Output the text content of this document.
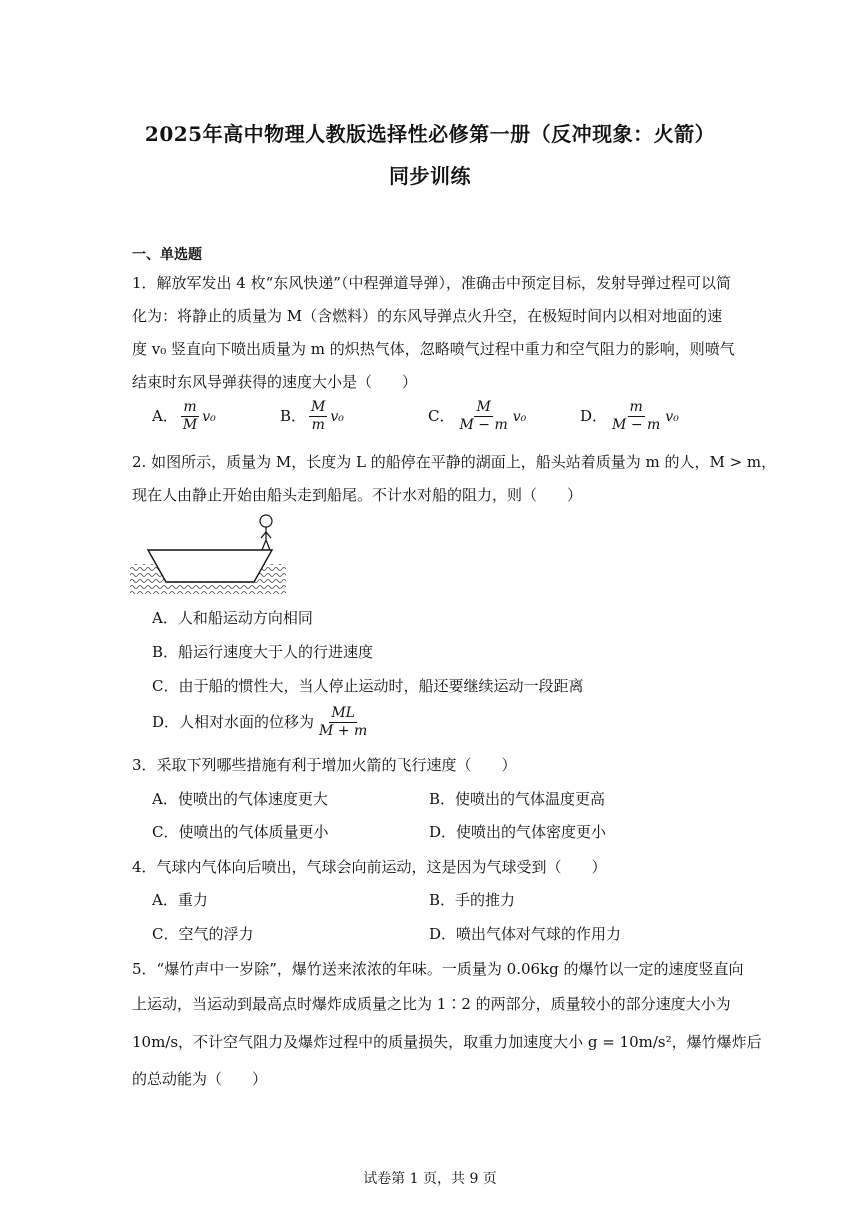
2025年高中物理人教版选择性必修第一册（反冲现象：火箭）
同步训练
一、单选题
1．解放军发出 4 枚“东风快递”（中程弹道导弹），准确击中预定目标，发射导弹过程可以简
化为：将静止的质量为 M（含燃料）的东风导弹点火升空，在极短时间内以相对地面的速
度 v₀ 竖直向下喷出质量为 m 的炽热气体，忽略喷气过程中重力和空气阻力的影响，则喷气
结束时东风导弹获得的速度大小是（　　）
A． $\frac{m}{M} v_0$	B． $\frac{M}{m} v_0$	C． $\frac{M}{M - m} v_0$	D． $\frac{m}{M - m} v_0$
2. 如图所示，质量为 M，长度为 L 的船停在平静的湖面上，船头站着质量为 m 的人，M > m，
现在人由静止开始由船头走到船尾。不计水对船的阻力，则（　　）
A．人和船运动方向相同
B．船运行速度大于人的行进速度
C．由于船的惯性大，当人停止运动时，船还要继续运动一段距离
D．人相对水面的位移为 $\frac{ML}{M + m}$
3．采取下列哪些措施有利于增加火箭的飞行速度（　　）
A．使喷出的气体速度更大	B．使喷出的气体温度更高
C．使喷出的气体质量更小	D．使喷出的气体密度更小
4．气球内气体向后喷出，气球会向前运动，这是因为气球受到（　　）
A．重力	B．手的推力
C．空气的浮力	D．喷出气体对气球的作用力
5．“爆竹声中一岁除”，爆竹送来浓浓的年味。一质量为 0.06kg 的爆竹以一定的速度竖直向
上运动，当运动到最高点时爆炸成质量之比为 1∶2 的两部分，质量较小的部分速度大小为
10m/s，不计空气阻力及爆炸过程中的质量损失，取重力加速度大小 g = 10m/s²，爆竹爆炸后
的总动能为（　　）
试卷第 1 页，共 9 页
